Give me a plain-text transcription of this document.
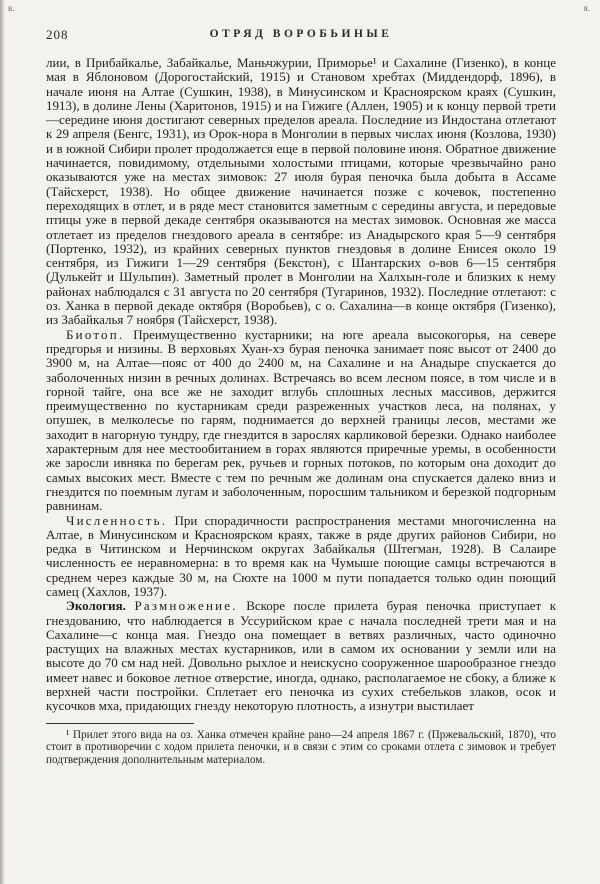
в.	я.
208	ОТРЯД ВОРОБЬИНЫЕ

лии, в Прибайкалье, Забайкалье, Маньчжурии, Приморье¹ и Сахалине (Гизенко), в конце мая в Яблоновом (Дорогостайский, 1915) и Становом хребтах (Миддендорф, 1896), в начале июня на Алтае (Сушкин, 1938), в Минусинском и Красноярском краях (Сушкин, 1913), в долине Лены (Харитонов, 1915) и на Гижиге (Аллен, 1905) и к концу первой трети—середине июня достигают северных пределов ареала. Последние из Индостана отлетают к 29 апреля (Бенгс, 1931), из Орок-нора в Монголии в первых числах июня (Козлова, 1930) и в южной Сибири пролет продолжается еще в первой половине июня. Обратное движение начинается, повидимому, отдельными холостыми птицами, которые чрезвычайно рано оказываются уже на местах зимовок: 27 июля бурая пеночка была добыта в Ассаме (Тайсхерст, 1938). Но общее движение начинается позже с кочевок, постепенно переходящих в отлет, и в ряде мест становится заметным с середины августа, и передовые птицы уже в первой декаде сентября оказываются на местах зимовок. Основная же масса отлетает из пределов гнездового ареала в сентябре: из Анадырского края 5—9 сентября (Портенко, 1932), из крайних северных пунктов гнездовья в долине Енисея около 19 сентября, из Гижиги 1—29 сентября (Бекстон), с Шантарских о-вов 6—15 сентября (Дулькейт и Шульпин). Заметный пролет в Монголии на Халхын-голе и близких к нему районах наблюдался с 31 августа по 20 сентября (Тугаринов, 1932). Последние отлетают: с оз. Ханка в первой декаде октября (Воробьев), с о. Сахалина—в конце октября (Гизенко), из Забайкалья 7 ноября (Тайсхерст, 1938).

Биотоп. Преимущественно кустарники; на юге ареала высокогорья, на севере предгорья и низины. В верховьях Хуан-хэ бурая пеночка занимает пояс высот от 2400 до 3900 м, на Алтае—пояс от 400 до 2400 м, на Сахалине и на Анадыре спускается до заболоченных низин в речных долинах. Встречаясь во всем лесном поясе, в том числе и в горной тайге, она все же не заходит вглубь сплошных лесных массивов, держится преимущественно по кустарникам среди разреженных участков леса, на полянах, у опушек, в мелколесье по гарям, поднимается до верхней границы лесов, местами же заходит в нагорную тундру, где гнездится в зарослях карликовой березки. Однако наиболее характерным для нее местообитанием в горах являются приречные уремы, в особенности же заросли ивняка по берегам рек, ручьев и горных потоков, по которым она доходит до самых высоких мест. Вместе с тем по речным же долинам она спускается далеко вниз и гнездится по поемным лугам и заболоченным, поросшим тальником и березкой подгорным равнинам.

Численность. При спорадичности распространения местами многочисленна на Алтае, в Минусинском и Красноярском краях, также в ряде других районов Сибири, но редка в Читинском и Нерчинском округах Забайкалья (Штегман, 1928). В Салаире численность ее неравномерна: в то время как на Чумыше поющие самцы встречаются в среднем через каждые 30 м, на Сюхте на 1000 м пути попадается только один поющий самец (Хахлов, 1937).

Экология. Размножение. Вскоре после прилета бурая пеночка приступает к гнездованию, что наблюдается в Уссурийском крае с начала последней трети мая и на Сахалине—с конца мая. Гнездо она помещает в ветвях различных, часто одиночно растущих на влажных местах кустарников, или в самом их основании у земли или на высоте до 70 см над ней. Довольно рыхлое и неискусно сооруженное шарообразное гнездо имеет навес и боковое летное отверстие, иногда, однако, располагаемое не сбоку, а ближе к верхней части постройки. Сплетает его пеночка из сухих стебельков злаков, осок и кусочков мха, придающих гнезду некоторую плотность, а изнутри выстилает

¹ Прилет этого вида на оз. Ханка отмечен крайне рано—24 апреля 1867 г. (Пржевальский, 1870), что стоит в противоречии с ходом прилета пеночки, и в связи с этим со сроками отлета с зимовок и требует подтверждения дополнительным материалом.
